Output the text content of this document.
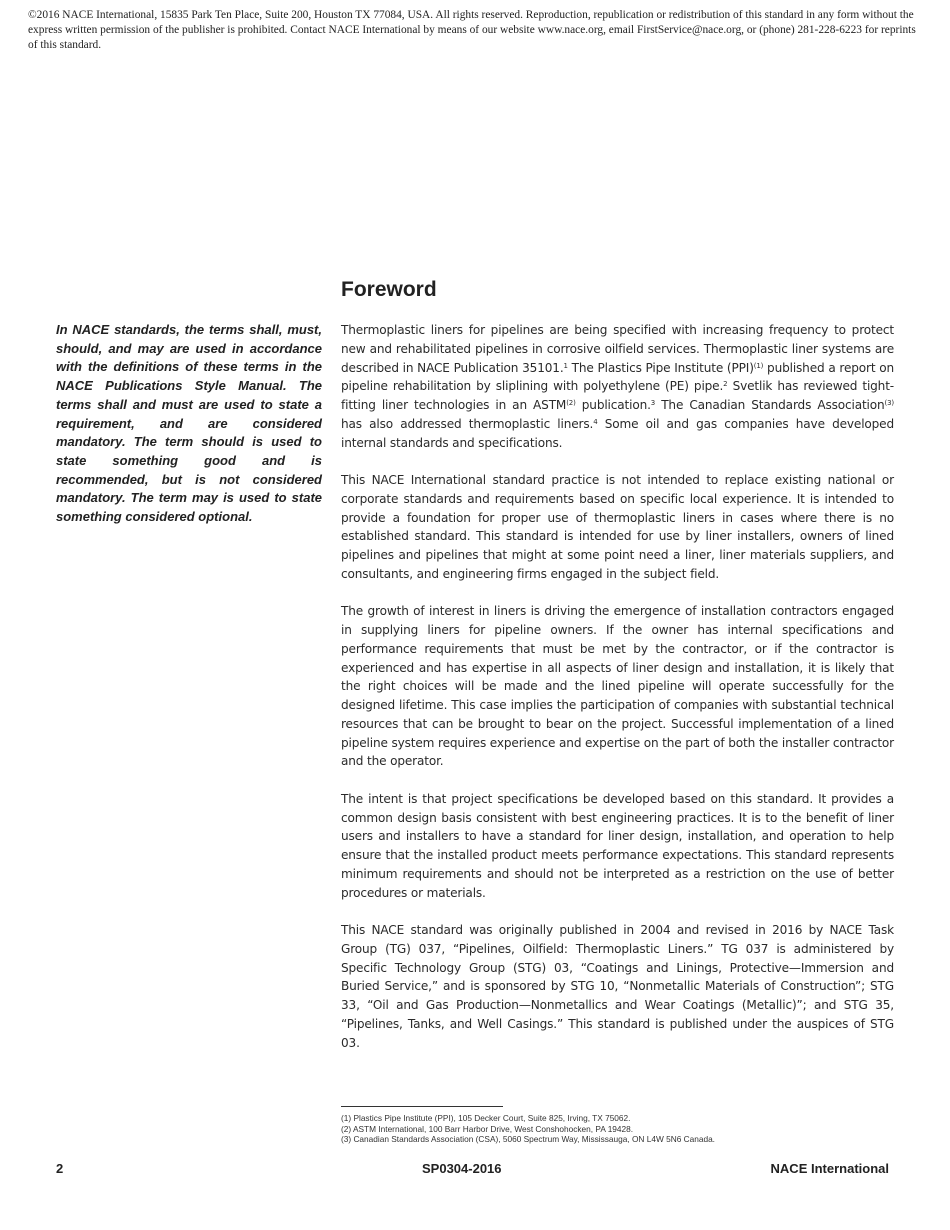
©2016 NACE International, 15835 Park Ten Place, Suite 200, Houston TX 77084, USA. All rights reserved. Reproduction, republication or redistribution of this standard in any form without the express written permission of the publisher is prohibited. Contact NACE International by means of our website www.nace.org, email FirstService@nace.org, or (phone) 281-228-6223 for reprints of this standard.
Foreword
In NACE standards, the terms shall, must, should, and may are used in accordance with the definitions of these terms in the NACE Publications Style Manual. The terms shall and must are used to state a requirement, and are considered mandatory. The term should is used to state something good and is recommended, but is not considered mandatory. The term may is used to state something considered optional.

Thermoplastic liners for pipelines are being specified with increasing frequency to protect new and rehabilitated pipelines in corrosive oilfield services. Thermoplastic liner systems are described in NACE Publication 35101.$^1$ The Plastics Pipe Institute (PPI)$^{(1)}$ published a report on pipeline rehabilitation by sliplining with polyethylene (PE) pipe.$^2$ Svetlik has reviewed tight-fitting liner technologies in an ASTM$^{(2)}$ publication.$^3$ The Canadian Standards Association$^{(3)}$ has also addressed thermoplastic liners.$^4$ Some oil and gas companies have developed internal standards and specifications.

This NACE International standard practice is not intended to replace existing national or corporate standards and requirements based on specific local experience. It is intended to provide a foundation for proper use of thermoplastic liners in cases where there is no established standard. This standard is intended for use by liner installers, owners of lined pipelines and pipelines that might at some point need a liner, liner materials suppliers, and consultants, and engineering firms engaged in the subject field.

The growth of interest in liners is driving the emergence of installation contractors engaged in supplying liners for pipeline owners. If the owner has internal specifications and performance requirements that must be met by the contractor, or if the contractor is experienced and has expertise in all aspects of liner design and installation, it is likely that the right choices will be made and the lined pipeline will operate successfully for the designed lifetime. This case implies the participation of companies with substantial technical resources that can be brought to bear on the project. Successful implementation of a lined pipeline system requires experience and expertise on the part of both the installer contractor and the operator.

The intent is that project specifications be developed based on this standard. It provides a common design basis consistent with best engineering practices. It is to the benefit of liner users and installers to have a standard for liner design, installation, and operation to help ensure that the installed product meets performance expectations. This standard represents minimum requirements and should not be interpreted as a restriction on the use of better procedures or materials.

This NACE standard was originally published in 2004 and revised in 2016 by NACE Task Group (TG) 037, “Pipelines, Oilfield: Thermoplastic Liners.” TG 037 is administered by Specific Technology Group (STG) 03, “Coatings and Linings, Protective—Immersion and Buried Service,” and is sponsored by STG 10, “Nonmetallic Materials of Construction”; STG 33, “Oil and Gas Production—Nonmetallics and Wear Coatings (Metallic)”; and STG 35, “Pipelines, Tanks, and Well Casings.” This standard is published under the auspices of STG 03.

(1) Plastics Pipe Institute (PPI), 105 Decker Court, Suite 825, Irving, TX 75062.
(2) ASTM International, 100 Barr Harbor Drive, West Conshohocken, PA 19428.
(3) Canadian Standards Association (CSA), 5060 Spectrum Way, Mississauga, ON L4W 5N6 Canada.
2	SP0304-2016	NACE International
